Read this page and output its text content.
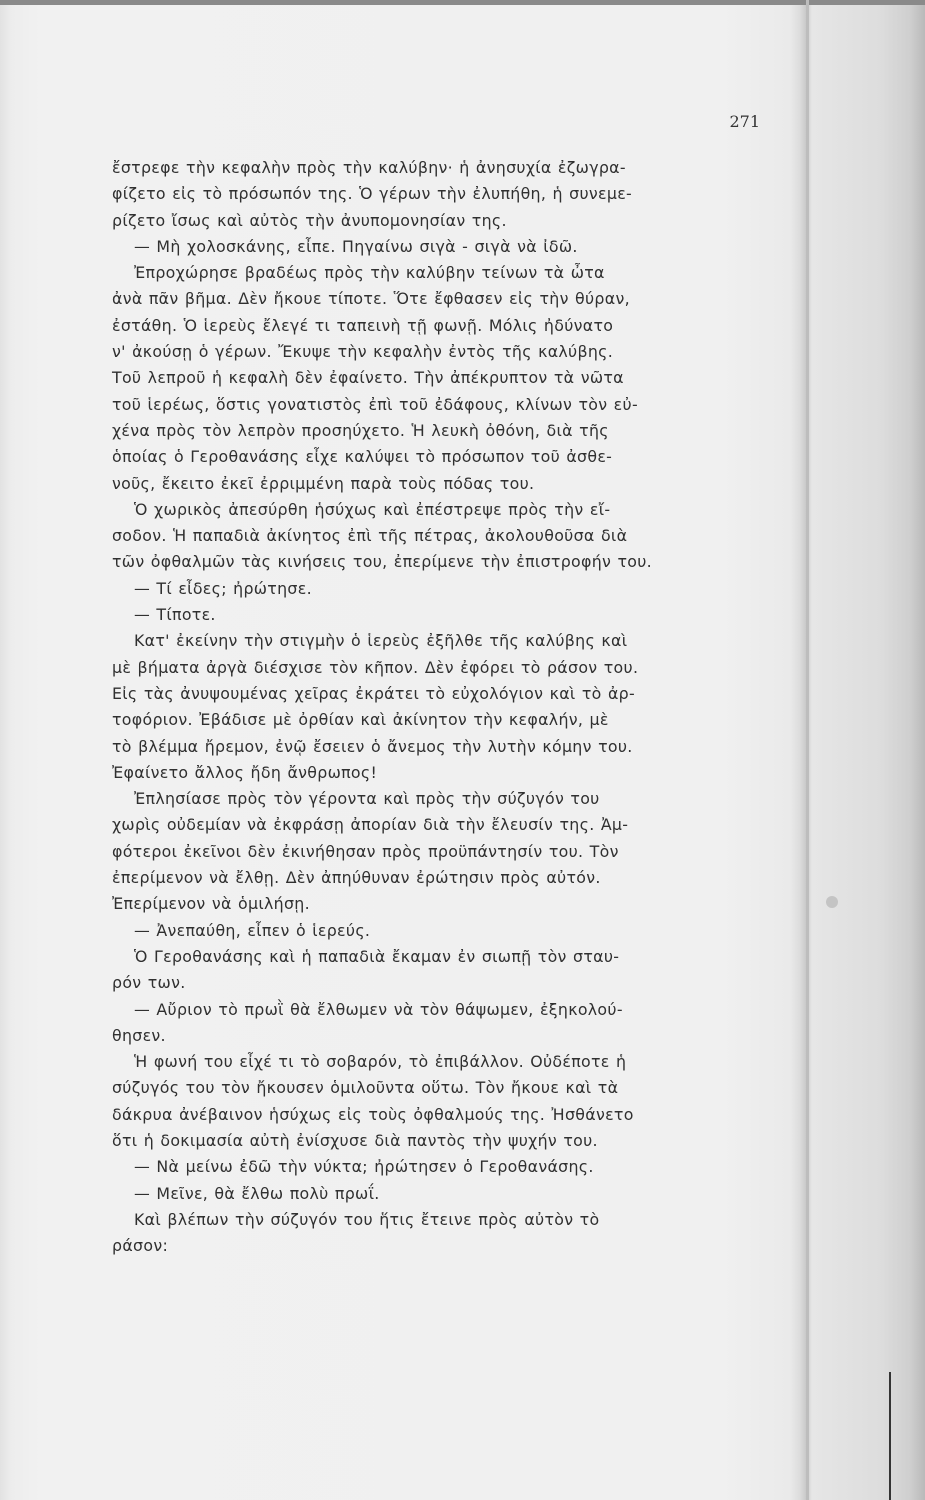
271
ἔστρεφε τὴν κεφαλὴν πρὸς τὴν καλύβην· ἡ ἀνησυχία ἐζωγρα-
φίζετο εἰς τὸ πρόσωπόν της. Ὁ γέρων τὴν ἐλυπήθη, ἡ συνεμε-
ρίζετο ἴσως καὶ αὐτὸς τὴν ἀνυπομονησίαν της.
— Μὴ χολοσκάνης, εἶπε. Πηγαίνω σιγὰ - σιγὰ νὰ ἰδῶ.
Ἐπροχώρησε βραδέως πρὸς τὴν καλύβην τείνων τὰ ὦτα
ἀνὰ πᾶν βῆμα. Δὲν ἤκουε τίποτε. Ὅτε ἔφθασεν εἰς τὴν θύραν,
ἐστάθη. Ὁ ἱερεὺς ἔλεγέ τι ταπεινὴ τῇ φωνῇ. Μόλις ἠδύνατο
ν' ἀκούσῃ ὁ γέρων. Ἔκυψε τὴν κεφαλὴν ἐντὸς τῆς καλύβης.
Τοῦ λεπροῦ ἡ κεφαλὴ δὲν ἐφαίνετο. Τὴν ἀπέκρυπτον τὰ νῶτα
τοῦ ἱερέως, ὅστις γονατιστὸς ἐπὶ τοῦ ἐδάφους, κλίνων τὸν εὐ-
χένα πρὸς τὸν λεπρὸν προσηύχετο. Ἡ λευκὴ ὀθόνη, διὰ τῆς
ὁποίας ὁ Γεροθανάσης εἶχε καλύψει τὸ πρόσωπον τοῦ ἀσθε-
νοῦς, ἔκειτο ἐκεῖ ἐρριμμένη παρὰ τοὺς πόδας του.
Ὁ χωρικὸς ἀπεσύρθη ἡσύχως καὶ ἐπέστρεψε πρὸς τὴν εἴ-
σοδον. Ἡ παπαδιὰ ἀκίνητος ἐπὶ τῆς πέτρας, ἀκολουθοῦσα διὰ
τῶν ὀφθαλμῶν τὰς κινήσεις του, ἐπερίμενε τὴν ἐπιστροφήν του.
— Τί εἶδες; ἠρώτησε.
— Τίποτε.
Κατ' ἐκείνην τὴν στιγμὴν ὁ ἱερεὺς ἐξῆλθε τῆς καλύβης καὶ
μὲ βήματα ἀργὰ διέσχισε τὸν κῆπον. Δὲν ἐφόρει τὸ ράσον του.
Εἰς τὰς ἀνυψουμένας χεῖρας ἐκράτει τὸ εὐχολόγιον καὶ τὸ ἀρ-
τοφόριον. Ἐβάδισε μὲ ὀρθίαν καὶ ἀκίνητον τὴν κεφαλήν, μὲ
τὸ βλέμμα ἤρεμον, ἐνῷ ἔσειεν ὁ ἄνεμος τὴν λυτὴν κόμην του.
Ἐφαίνετο ἄλλος ἤδη ἄνθρωπος!
Ἐπλησίασε πρὸς τὸν γέροντα καὶ πρὸς τὴν σύζυγόν του
χωρὶς οὐδεμίαν νὰ ἐκφράσῃ ἀπορίαν διὰ τὴν ἔλευσίν της. Ἀμ-
φότεροι ἐκεῖνοι δὲν ἐκινήθησαν πρὸς προϋπάντησίν του. Τὸν
ἐπερίμενον νὰ ἔλθῃ. Δὲν ἀπηύθυναν ἐρώτησιν πρὸς αὐτόν.
Ἐπερίμενον νὰ ὁμιλήσῃ.
— Ἀνεπαύθη, εἶπεν ὁ ἱερεύς.
Ὁ Γεροθανάσης καὶ ἡ παπαδιὰ ἔκαμαν ἐν σιωπῇ τὸν σταυ-
ρόν των.
— Αὔριον τὸ πρωῒ θὰ ἔλθωμεν νὰ τὸν θάψωμεν, ἐξηκολού-
θησεν.
Ἡ φωνή του εἶχέ τι τὸ σοβαρόν, τὸ ἐπιβάλλον. Οὐδέποτε ἡ
σύζυγός του τὸν ἤκουσεν ὁμιλοῦντα οὕτω. Τὸν ἤκουε καὶ τὰ
δάκρυα ἀνέβαινον ἡσύχως εἰς τοὺς ὀφθαλμούς της. Ἠσθάνετο
ὅτι ἡ δοκιμασία αὐτὴ ἐνίσχυσε διὰ παντὸς τὴν ψυχήν του.
— Νὰ μείνω ἐδῶ τὴν νύκτα; ἠρώτησεν ὁ Γεροθανάσης.
— Μεῖνε, θὰ ἔλθω πολὺ πρωΐ.
Καὶ βλέπων τὴν σύζυγόν του ἥτις ἔτεινε πρὸς αὐτὸν τὸ
ράσον:
